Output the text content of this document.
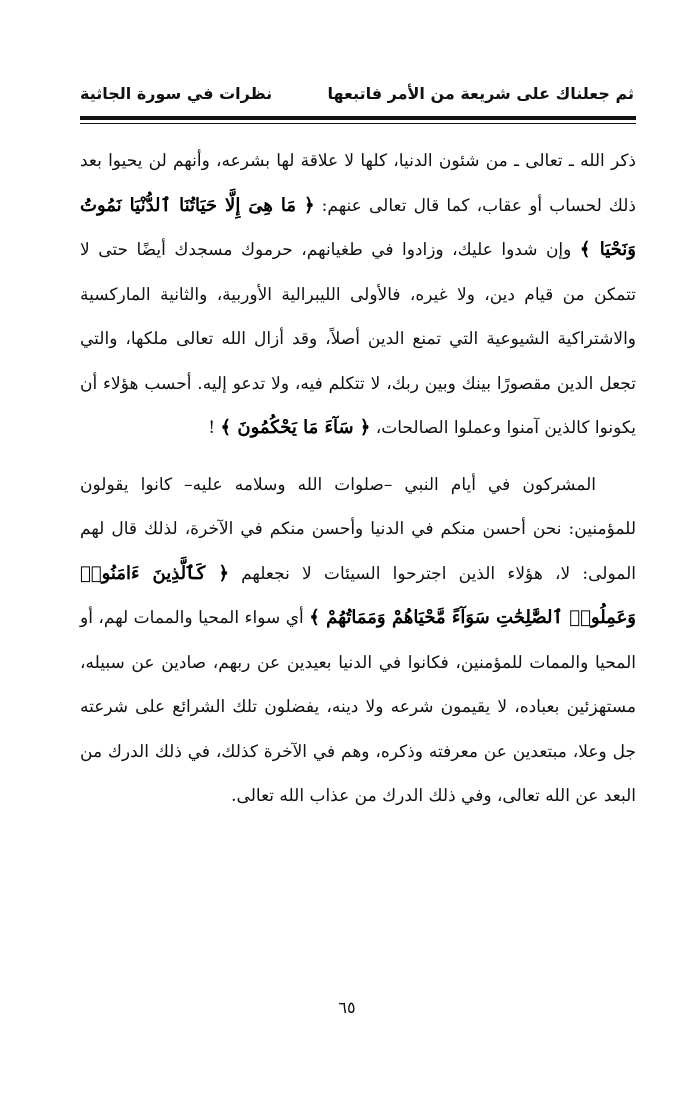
ثم جعلناك على شريعة من الأمر فاتبعها
نظرات في سورة الجاثية

ذكر الله ـ تعالى ـ من شئون الدنيا، كلها لا علاقة لها بشرعه، وأنهم لن يحيوا بعد ذلك لحساب أو عقاب، كما قال تعالى عنهم: ﴿ مَا هِىَ إِلَّا حَيَاتُنَا ٱلدُّنْيَا نَمُوتُ وَنَحْيَا ﴾ وإن شدوا عليك، وزادوا في طغيانهم، حرموك مسجدك أيضًا حتى لا تتمكن من قيام دين، ولا غيره، فالأولى الليبرالية الأوربية، والثانية الماركسية والاشتراكية الشيوعية التي تمنع الدين أصلاً، وقد أزال الله تعالى ملكها، والتي تجعل الدين مقصورًا بينك وبين ربك، لا تتكلم فيه، ولا تدعو إليه. أحسب هؤلاء أن يكونوا كالذين آمنوا وعملوا الصالحات، ﴿ سَآءَ مَا يَحْكُمُونَ ﴾ !

المشركون في أيام النبي –صلوات الله وسلامه عليه– كانوا يقولون للمؤمنين: نحن أحسن منكم في الدنيا وأحسن منكم في الآخرة، لذلك قال لهم المولى: لا، هؤلاء الذين اجترحوا السيئات لا نجعلهم ﴿ كَٱلَّذِينَ ءَامَنُوا۟ وَعَمِلُوا۟ ٱلصَّٰلِحَٰتِ سَوَآءً مَّحْيَاهُمْ وَمَمَاتُهُمْ ﴾ أي سواء المحيا والممات لهم، أو المحيا والممات للمؤمنين، فكانوا في الدنيا بعيدين عن ربهم، صادين عن سبيله، مستهزئين بعباده، لا يقيمون شرعه ولا دينه، يفضلون تلك الشرائع على شرعته جل وعلا، مبتعدين عن معرفته وذكره، وهم في الآخرة كذلك، في ذلك الدرك من البعد عن الله تعالى، وفي ذلك الدرك من عذاب الله تعالى.

٦٥
